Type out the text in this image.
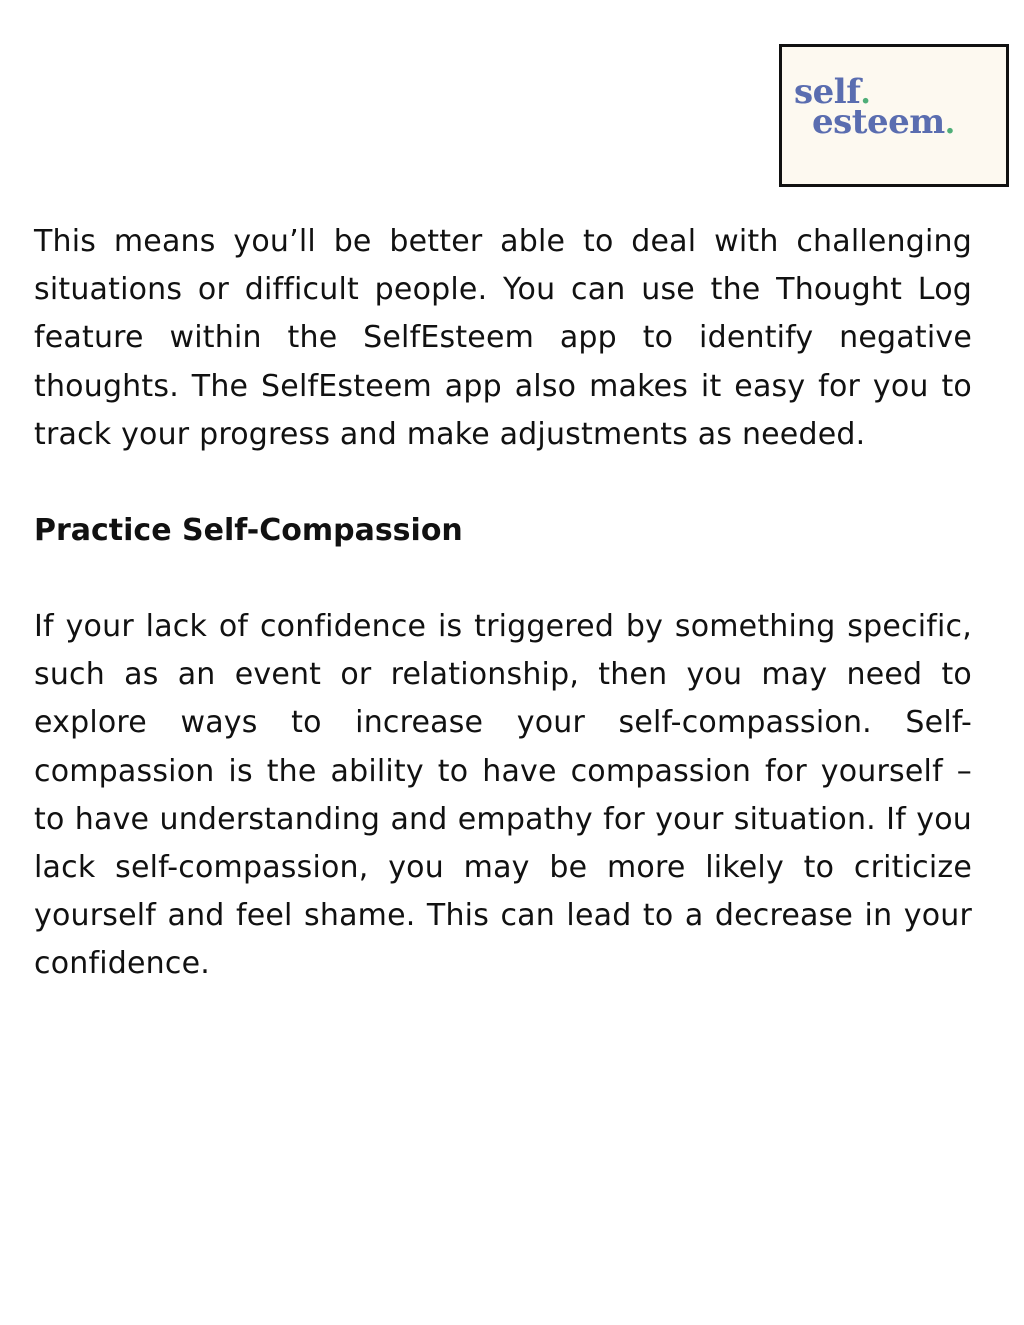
self.
esteem.

This means you’ll be better able to deal with challenging situations or difficult people. You can use the Thought Log feature within the SelfEsteem app to identify negative thoughts. The SelfEsteem app also makes it easy for you to track your progress and make adjustments as needed.

Practice Self-Compassion

If your lack of confidence is triggered by something specific, such as an event or relationship, then you may need to explore ways to increase your self-compassion. Self-compassion is the ability to have compassion for yourself – to have understanding and empathy for your situation. If you lack self-compassion, you may be more likely to criticize yourself and feel shame. This can lead to a decrease in your confidence.
